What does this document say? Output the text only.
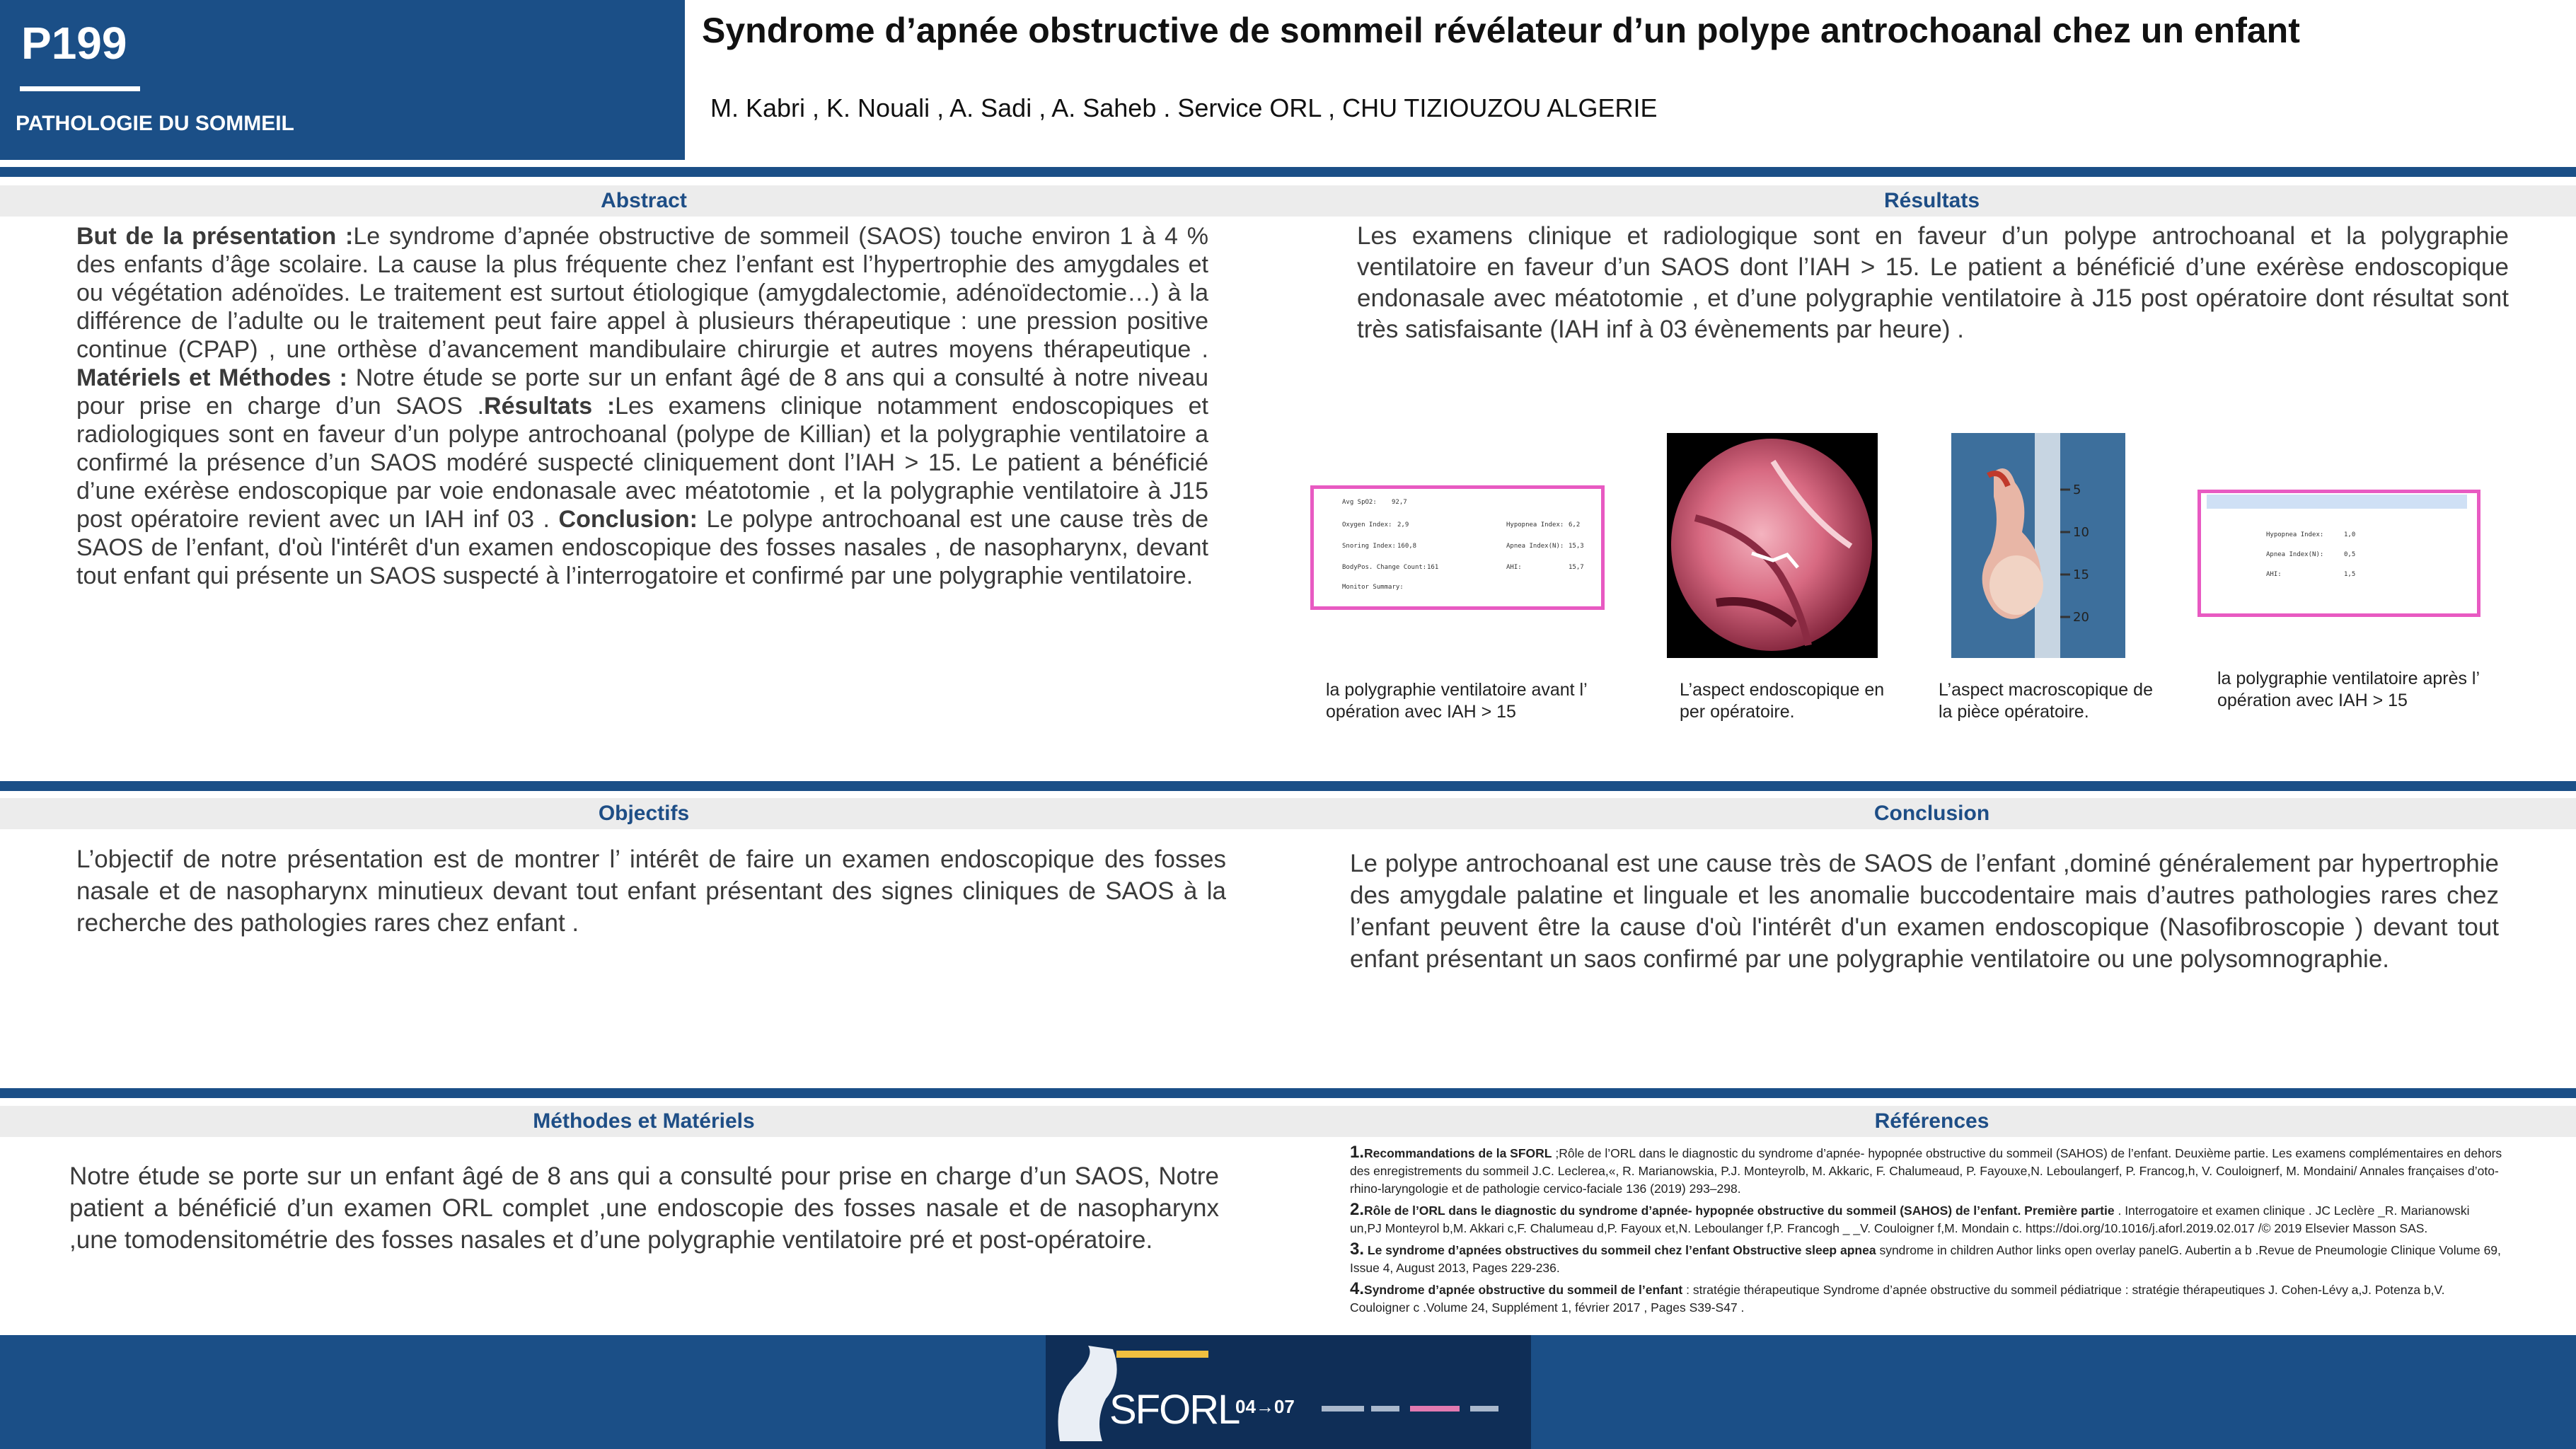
P199
PATHOLOGIE DU SOMMEIL
Syndrome d’apnée obstructive de sommeil révélateur d’un polype antrochoanal chez un enfant
M. Kabri , K. Nouali , A. Sadi , A. Saheb . Service ORL , CHU TIZIOUZOU ALGERIE
Abstract	Résultats
But de la présentation :Le syndrome d’apnée obstructive de sommeil (SAOS) touche environ 1 à 4 % des enfants d’âge scolaire. La cause la plus fréquente chez l’enfant est l’hypertrophie des amygdales et ou végétation adénoïdes. Le traitement est surtout étiologique (amygdalectomie, adénoïdectomie…) à la différence de l’adulte ou le traitement peut faire appel à plusieurs thérapeutique : une pression positive continue (CPAP) , une orthèse d’avancement mandibulaire chirurgie et autres moyens thérapeutique . Matériels et Méthodes : Notre étude se porte sur un enfant âgé de 8 ans qui a consulté à notre niveau pour prise en charge d’un SAOS .Résultats :Les examens clinique notamment endoscopiques et radiologiques sont en faveur d’un polype antrochoanal (polype de Killian) et la polygraphie ventilatoire a confirmé la présence d’un SAOS modéré suspecté cliniquement dont l’IAH > 15. Le patient a bénéficié d’une exérèse endoscopique par voie endonasale avec méatotomie , et la polygraphie ventilatoire à J15 post opératoire revient avec un IAH inf 03 . Conclusion: Le polype antrochoanal est une cause très de SAOS de l’enfant, d'où l'intérêt d'un examen endoscopique des fosses nasales , de nasopharynx, devant tout enfant qui présente un SAOS suspecté à l’interrogatoire et confirmé par une polygraphie ventilatoire.
Les examens clinique et radiologique sont en faveur d’un polype antrochoanal et la polygraphie ventilatoire en faveur d’un SAOS dont l’IAH > 15. Le patient a bénéficié d’une exérèse endoscopique endonasale avec méatotomie , et d’une polygraphie ventilatoire à J15 post opératoire dont résultat sont très satisfaisante (IAH inf à 03 évènements par heure) .
Avg SpO2: 92,7
Oxygen Index: 2,9	Hypopnea Index: 6,2
Snoring Index: 160,8	Apnea Index(N): 15,3
BodyPos. Change Count: 161	AHI:	15,7
Monitor Summary:
la polygraphie ventilatoire avant l’ opération avec IAH > 15
L’aspect endoscopique en per opératoire.
5
10
15
20
L’aspect macroscopique de la pièce opératoire.
Hypopnea Index:	1,0
Apnea Index(N):	0,5
AHI:	1,5
la polygraphie ventilatoire après l’ opération avec IAH > 15
Objectifs	Conclusion
L’objectif de notre présentation est de montrer l’ intérêt de faire un examen endoscopique des fosses nasale et de nasopharynx minutieux devant tout enfant présentant des signes cliniques de SAOS à la recherche des pathologies rares chez enfant .
Le polype antrochoanal est une cause très de SAOS de l’enfant ,dominé généralement par hypertrophie des amygdale palatine et linguale et les anomalie buccodentaire mais d’autres pathologies rares chez l’enfant peuvent être la cause d'où l'intérêt d'un examen endoscopique (Nasofibroscopie ) devant tout enfant présentant un saos confirmé par une polygraphie ventilatoire ou une polysomnographie.
Méthodes et Matériels	Références
Notre étude se porte sur un enfant âgé de 8 ans qui a consulté pour prise en charge d’un SAOS, Notre patient a bénéficié d’un examen ORL complet ,une endoscopie des fosses nasale et de nasopharynx ,une tomodensitométrie des fosses nasales et d’une polygraphie ventilatoire pré et post-opératoire.
1.Recommandations de la SFORL ;Rôle de l’ORL dans le diagnostic du syndrome d’apnée- hypopnée obstructive du sommeil (SAHOS) de l’enfant. Deuxième partie. Les examens complémentaires en dehors des enregistrements du sommeil J.C. Leclerea,«, R. Marianowskia, P.J. Monteyrolb, M. Akkaric, F. Chalumeaud, P. Fayouxe,N. Leboulangerf, P. Francog,h, V. Couloignerf, M. Mondaini/ Annales françaises d’oto-rhino-laryngologie et de pathologie cervico-faciale 136 (2019) 293–298.
2.Rôle de l’ORL dans le diagnostic du syndrome d’apnée- hypopnée obstructive du sommeil (SAHOS) de l’enfant. Première partie . Interrogatoire et examen clinique . JC Leclère _R. Marianowski un,PJ Monteyrol b,M. Akkari c,F. Chalumeau d,P. Fayoux et,N. Leboulanger f,P. Francogh _ _V. Couloigner f,M. Mondain c. https://doi.org/10.1016/j.aforl.2019.02.017 /© 2019 Elsevier Masson SAS.
3. Le syndrome d’apnées obstructives du sommeil chez l’enfant Obstructive sleep apnea syndrome in children Author links open overlay panelG. Aubertin a b .Revue de Pneumologie Clinique Volume 69, Issue 4, August 2013, Pages 229-236.
4.Syndrome d’apnée obstructive du sommeil de l’enfant : stratégie thérapeutique Syndrome d’apnée obstructive du sommeil pédiatrique : stratégie thérapeutiques J. Cohen-Lévy a,J. Potenza b,V. Couloigner c .Volume 24, Supplément 1, février 2017 , Pages S39-S47 .
SFORL
04→07
